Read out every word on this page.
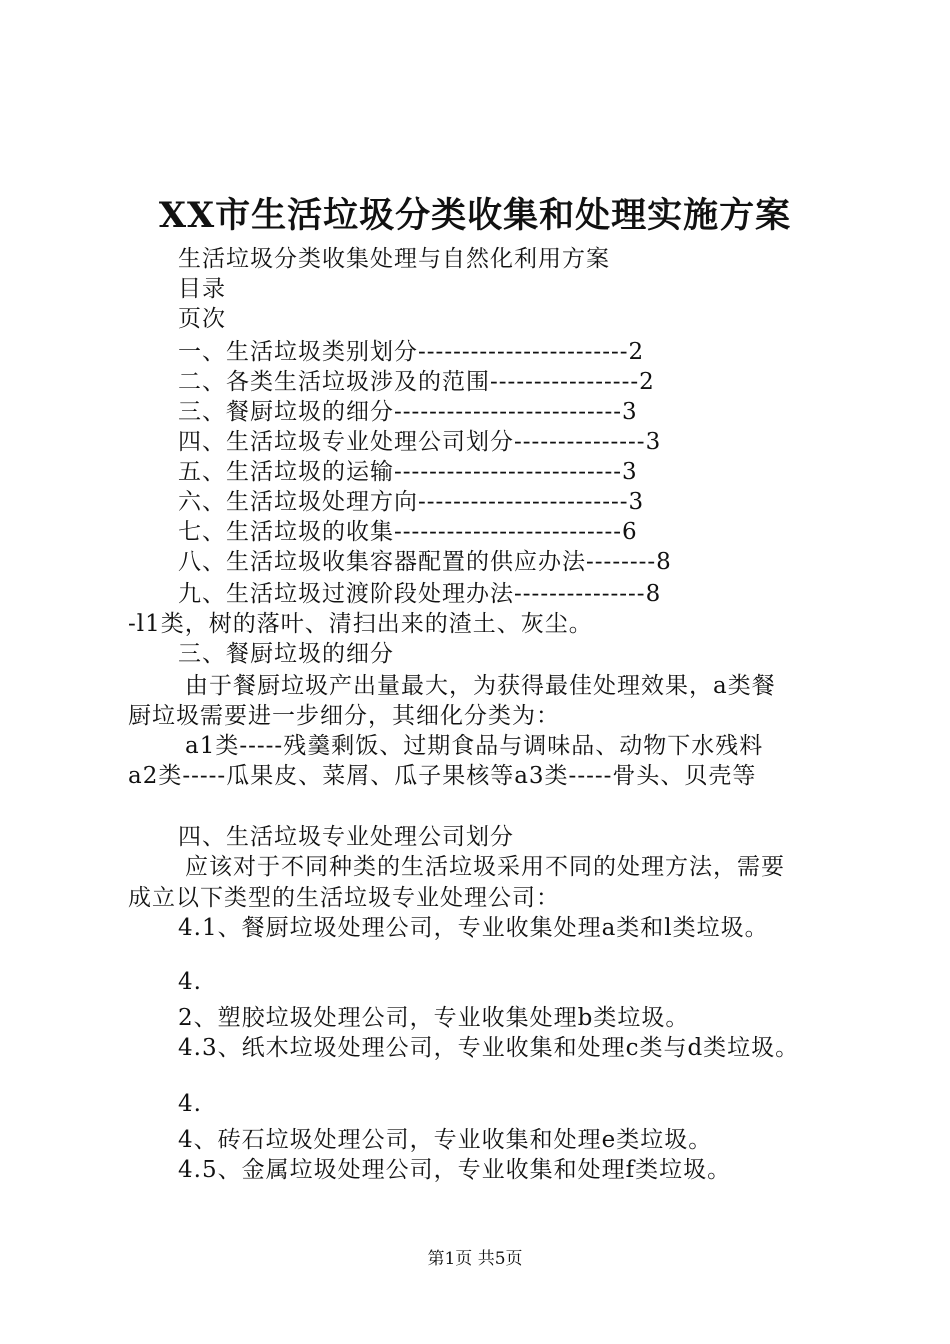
XX市生活垃圾分类收集和处理实施方案
生活垃圾分类收集处理与自然化利用方案
目录
页次
一、生活垃圾类别划分------------------------2
二、各类生活垃圾涉及的范围-----------------2
三、餐厨垃圾的细分--------------------------3
四、生活垃圾专业处理公司划分---------------3
五、生活垃圾的运输--------------------------3
六、生活垃圾处理方向------------------------3
七、生活垃圾的收集--------------------------6
八、生活垃圾收集容器配置的供应办法--------8
九、生活垃圾过渡阶段处理办法---------------8
-l1类，树的落叶、清扫出来的渣土、灰尘。
三、餐厨垃圾的细分
由于餐厨垃圾产出量最大，为获得最佳处理效果，a类餐
厨垃圾需要进一步细分，其细化分类为：
a1类-----残羹剩饭、过期食品与调味品、动物下水残料
a2类-----瓜果皮、菜屑、瓜子果核等a3类-----骨头、贝壳等
四、生活垃圾专业处理公司划分
应该对于不同种类的生活垃圾采用不同的处理方法，需要
成立以下类型的生活垃圾专业处理公司：
4.1、餐厨垃圾处理公司，专业收集处理a类和l类垃圾。
4.
2、塑胶垃圾处理公司，专业收集处理b类垃圾。
4.3、纸木垃圾处理公司，专业收集和处理c类与d类垃圾。
4.
4、砖石垃圾处理公司，专业收集和处理e类垃圾。
4.5、金属垃圾处理公司，专业收集和处理f类垃圾。
第1页 共5页
